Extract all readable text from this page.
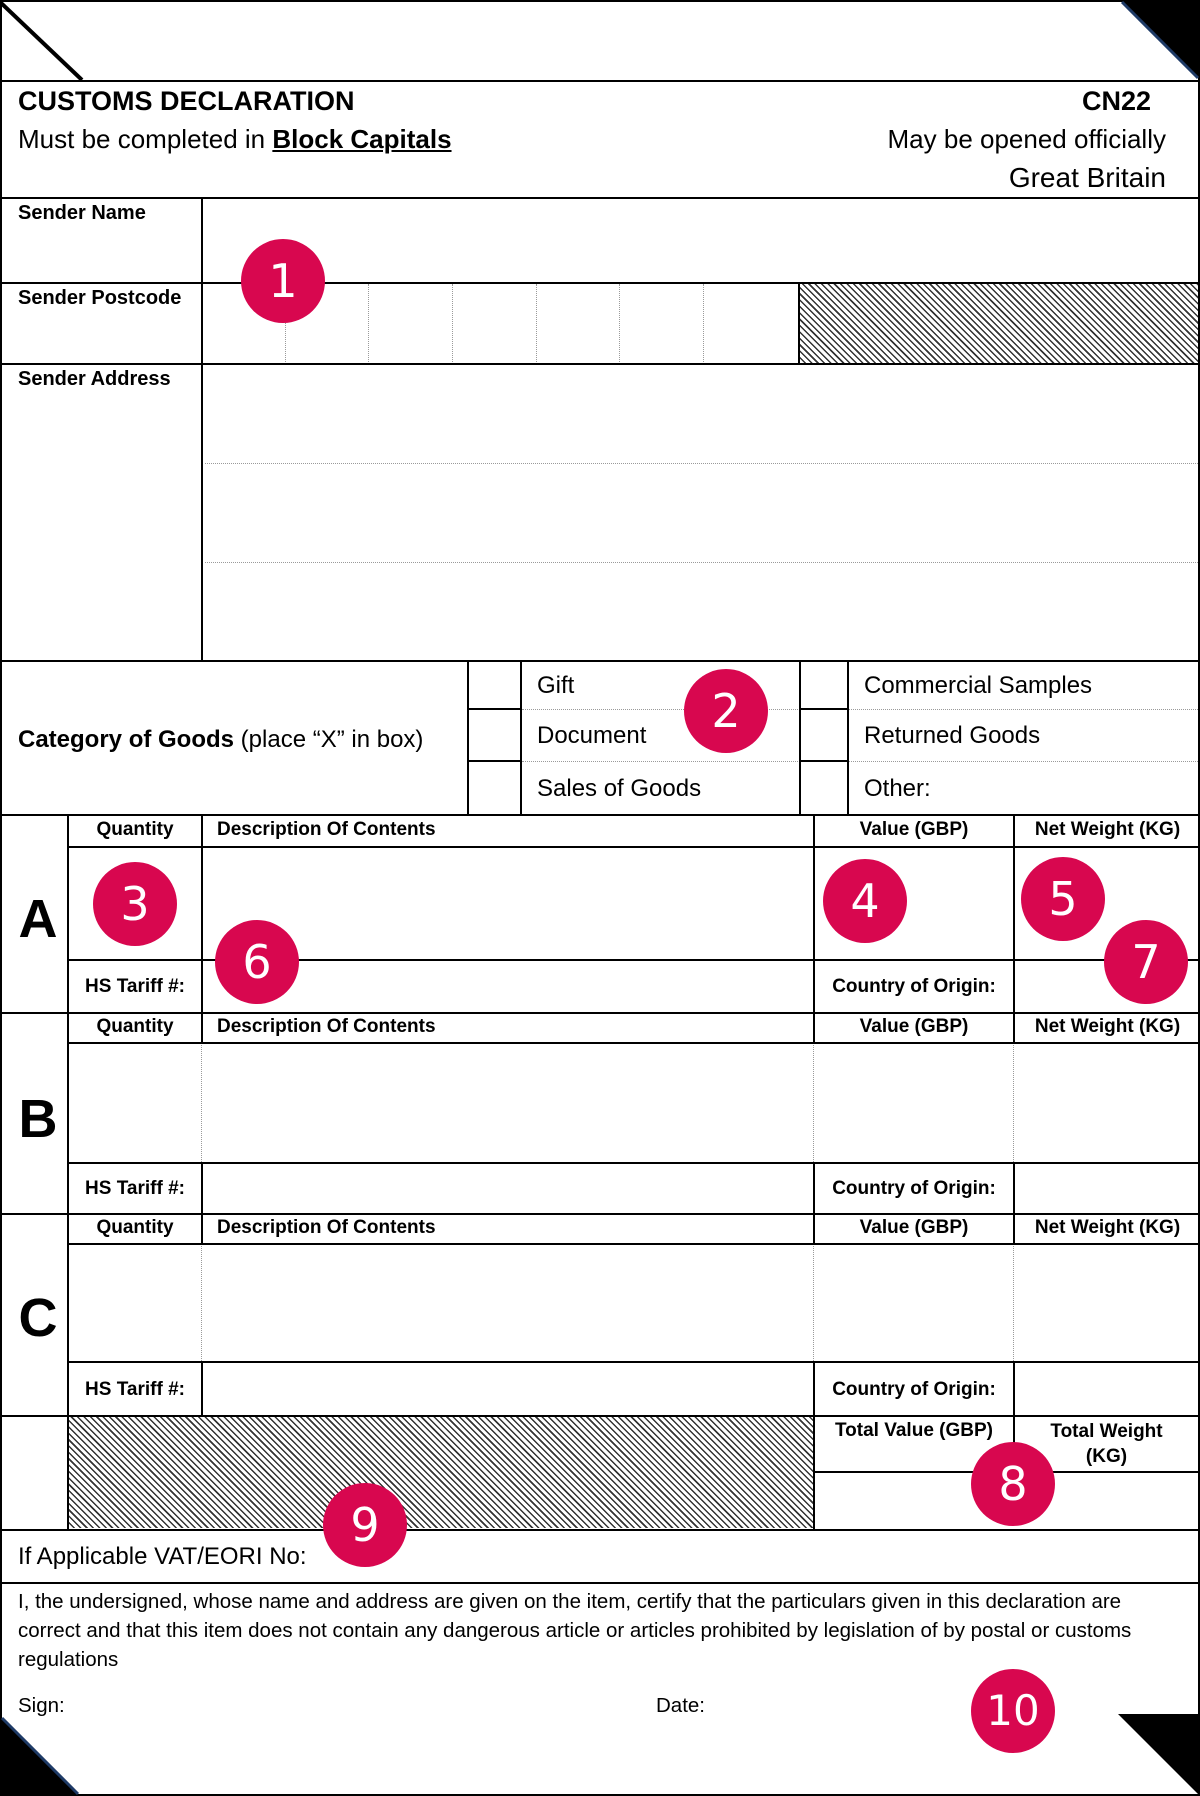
CUSTOMS DECLARATION	CN22
Must be completed in Block Capitals	May be opened officially
Great Britain
Sender Name
Sender Postcode
Sender Address
Category of Goods (place “X” in box)
Gift
Document
Sales of Goods
Commercial Samples
Returned Goods
Other:
A
Quantity	Description Of Contents	Value (GBP)	Net Weight (KG)
HS Tariff #:	Country of Origin:
B
Quantity	Description Of Contents	Value (GBP)	Net Weight (KG)
HS Tariff #:	Country of Origin:
C
Quantity	Description Of Contents	Value (GBP)	Net Weight (KG)
HS Tariff #:	Country of Origin:
Total Value (GBP)	Total Weight (KG)
If Applicable VAT/EORI No:
I, the undersigned, whose name and address are given on the item, certify that the particulars given in this declaration are correct and that this item does not contain any dangerous article or articles prohibited by legislation of by postal or customs regulations
Sign:	Date:
1
2
3	4	5
6	7
8
9
10
